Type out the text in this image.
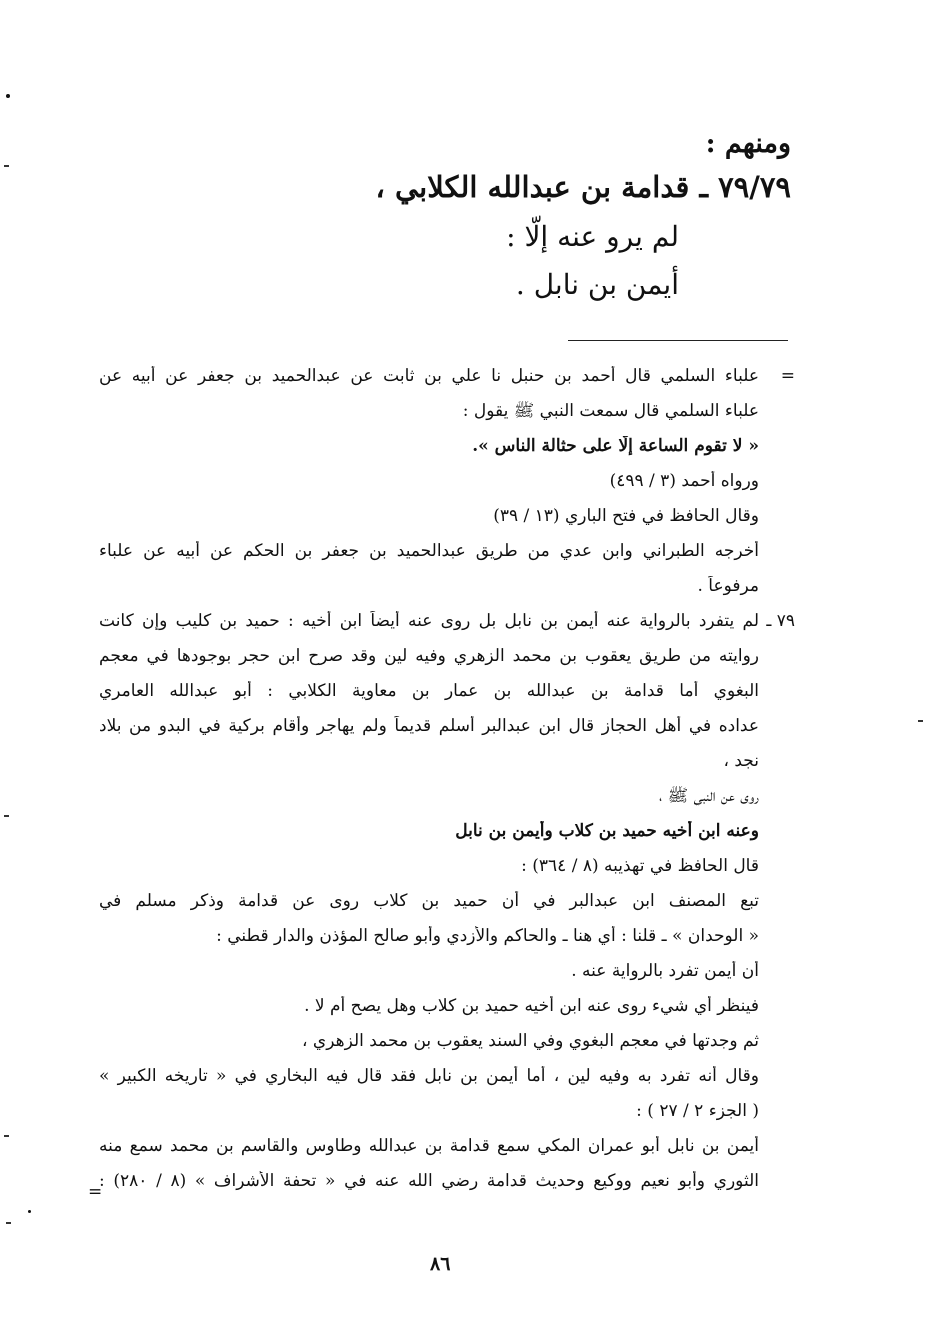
ومنهم :
٧٩/٧٩ ـ قدامة بن عبدالله الكلابي ،
لم يرو عنه إلّا :
أيمن بن نابل .
=
علباء السلمي قال أحمد بن حنبل نا علي بن ثابت عن عبدالحميد بن جعفر عن أبيه عن
علباء السلمي قال سمعت النبي ﷺ يقول :
« لا تقوم الساعة إلّا على حثالة الناس ».
ورواه أحمد (٣ / ٤٩٩)
وقال الحافظ في فتح الباري (١٣ / ٣٩)
أخرجه الطبراني وابن عدي من طريق عبدالحميد بن جعفر بن الحكم عن أبيه عن علباء
مرفوعاً .
٧٩ ـ
لم يتفرد بالرواية عنه أيمن بن نابل بل روى عنه أيضاً ابن أخيه : حميد بن كليب وإن كانت
روايته من طريق يعقوب بن محمد الزهري وفيه لين وقد صرح ابن حجر بوجودها في معجم
البغوي أما قدامة بن عبدالله بن عمار بن معاوية الكلابي : أبو عبدالله العامري
عداده في أهل الحجاز قال ابن عبدالبر أسلم قديماً ولم يهاجر وأقام بركية في البدو من بلاد
نجد ،
روى عن النبي ﷺ ،
وعنه ابن أخيه حميد بن كلاب وأيمن بن نابل
قال الحافظ في تهذيبه (٨ / ٣٦٤) :
تبع المصنف ابن عبدالبر في أن حميد بن كلاب روى عن قدامة وذكر مسلم في
« الوحدان » ـ قلنا : أي هنا ـ والحاكم والأزدي وأبو صالح المؤذن والدار قطني :
أن أيمن تفرد بالرواية عنه .
فينظر أي شيء روى عنه ابن أخيه حميد بن كلاب وهل يصح أم لا .
ثم وجدتها في معجم البغوي وفي السند يعقوب بن محمد الزهري ،
وقال أنه تفرد به وفيه لين ، أما أيمن بن نابل فقد قال فيه البخاري في « تاريخه الكبير »
( الجزء ٢ / ٢٧ ) :
أيمن بن نابل أبو عمران المكي سمع قدامة بن عبدالله وطاوس والقاسم بن محمد سمع منه
الثوري وأبو نعيم ووكيع وحديث قدامة رضي الله عنه في « تحفة الأشراف » (٨ / ٢٨٠) :
=
٨٦
